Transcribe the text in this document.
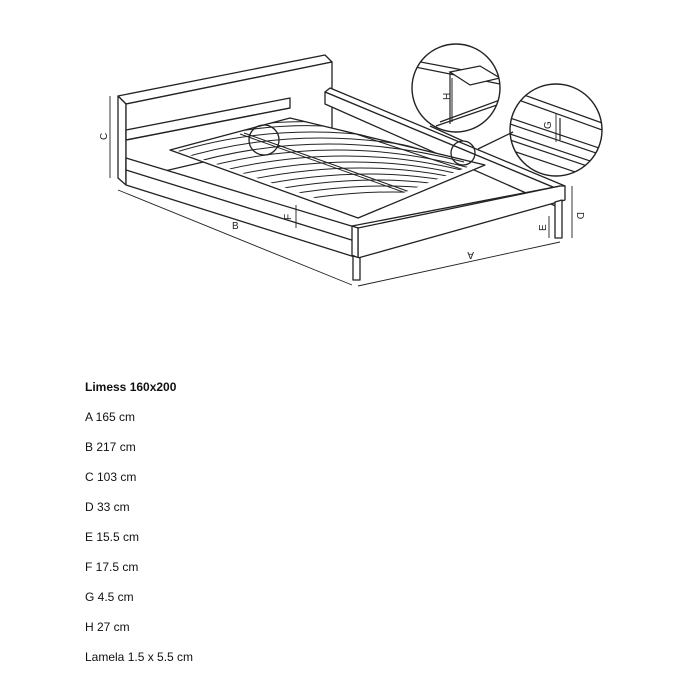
C
B
A
D
E
F
G
H
Limess 160x200
A 165 cm
B 217 cm
C 103 cm
D 33 cm
E 15.5 cm
F 17.5 cm
G 4.5 cm
H 27 cm
Lamela 1.5 x 5.5 cm
